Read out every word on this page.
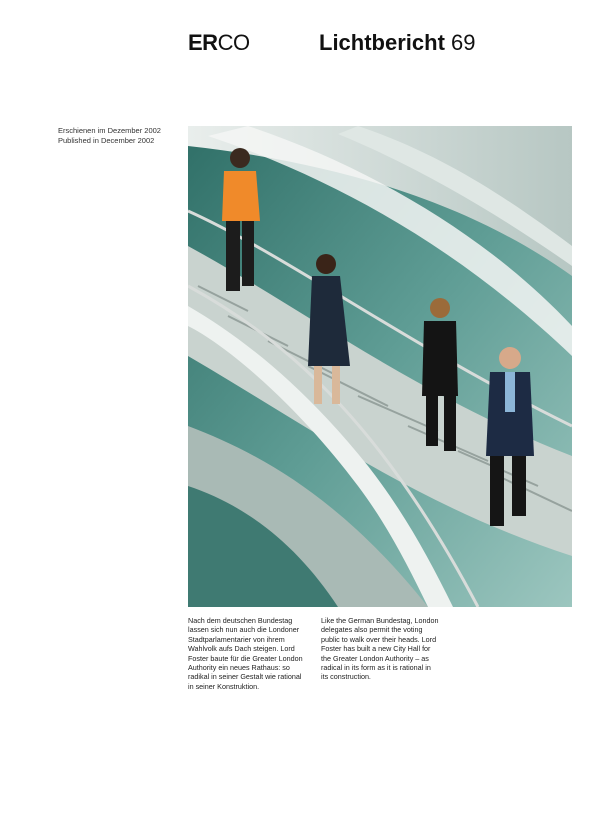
ERCO	Lichtbericht 69
Erschienen im Dezember 2002
Published in December 2002
Nach dem deutschen Bundestag lassen sich nun auch die Londoner Stadtparlamentarier von ihrem Wahlvolk aufs Dach steigen. Lord Foster baute für die Greater London Authority ein neues Rathaus: so radikal in seiner Gestalt wie rational in seiner Konstruktion.
Like the German Bundestag, London delegates also permit the voting public to walk over their heads. Lord Foster has built a new City Hall for the Greater London Authority – as radical in its form as it is rational in its construction.
